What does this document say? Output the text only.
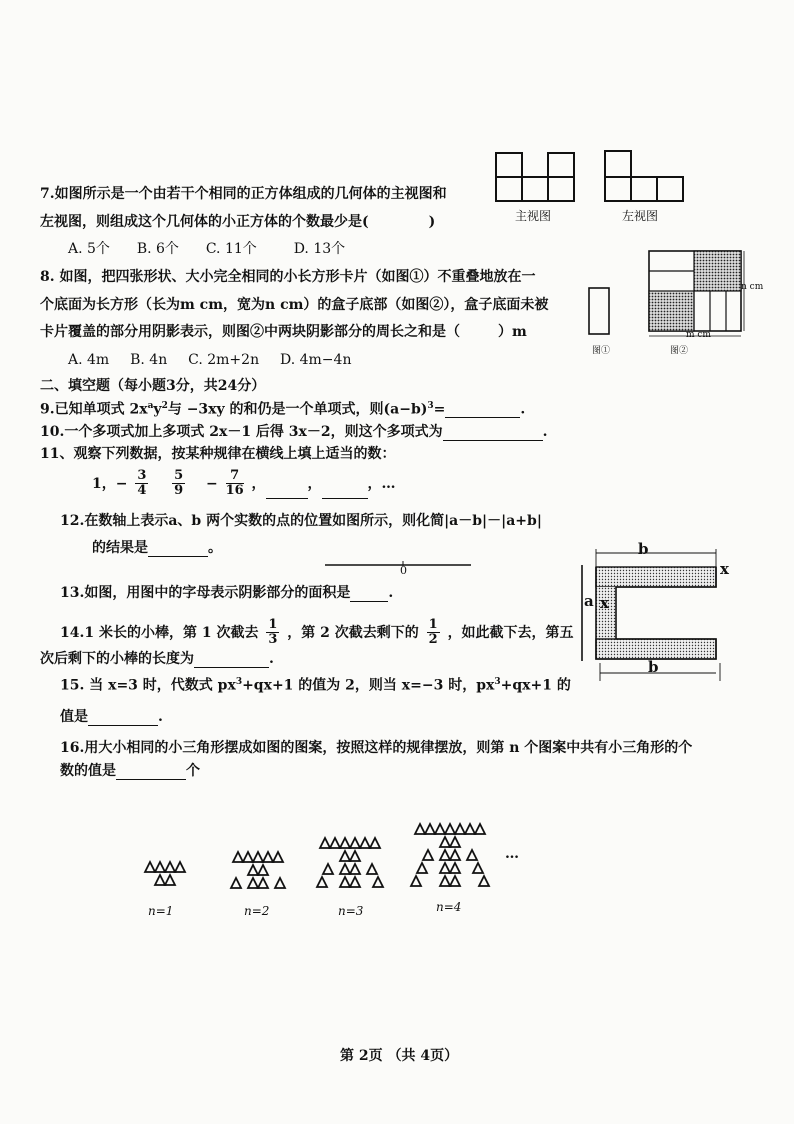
7.如图所示是一个由若干个相同的正方体组成的几何体的主视图和
左视图，则组成这个几何体的小正方体的个数最少是(	)
A. 5个 B. 6个 C. 11个	D. 13个
主视图	左视图
8. 如图，把四张形状、大小完全相同的小长方形卡片（如图①）不重叠地放在一
个底面为长方形（长为m cm，宽为n cm）的盒子底部（如图②），盒子底面未被
卡片覆盖的部分用阴影表示，则图②中两块阴影部分的周长之和是（	）m
A. 4m B. 4n C. 2m+2n D. 4m−4n
图①
n cm
m cm
图②
二、填空题（每小题3分，共24分）
9.已知单项式 $2x^ay^2$与 −3xy 的和仍是一个单项式，则$(a-b)^3=$	.
10.一个多项式加上多项式 2x－1 后得 3x－2，则这个多项式为	.
11、观察下列数据，按某种规律在横线上填上适当的数：
1，− $\frac{3}{4}$
$\frac{5}{9} - \frac{7}{16}$ ，	，	，…
12.在数轴上表示a、b 两个实数的点的位置如图所示，则化简|a－b|－|a+b|
的结果是	。
0
13.如图，用图中的字母表示阴影部分的面积是	.
b
x
a x
b
14.1 米长的小棒，第 1 次截去 $\frac{1}{3}$ ，第 2 次截去剩下的 $\frac{1}{2}$ ，如此截下去，第五
次后剩下的小棒的长度为	.
15. 当 x=3 时，代数式 $px^3+qx+1$ 的值为 2，则当 x=−3 时，$px^3+qx+1$ 的
值是	.
16.用大小相同的小三角形摆成如图的图案，按照这样的规律摆放，则第 n 个图案中共有小三角形的个
数的值是	个
n=1	n=2	n=3	n=4
…
第 2页 （共 4页）
